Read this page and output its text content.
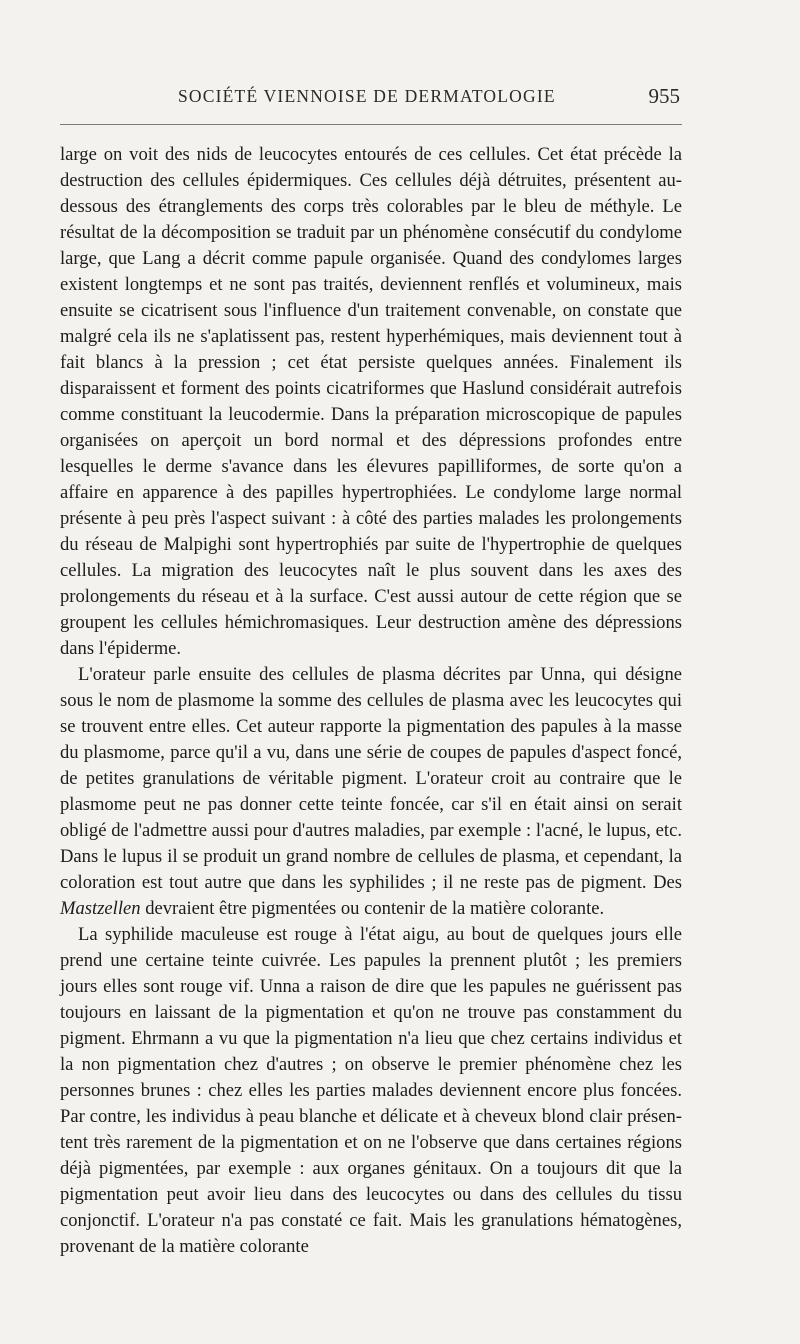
SOCIÉTÉ VIENNOISE DE DERMATOLOGIE	955

large on voit des nids de leucocytes entourés de ces cellules. Cet état précède la destruction des cellules épidermiques. Ces cellules déjà détruites, présentent au-dessous des étranglements des corps très colorables par le bleu de méthyle. Le résultat de la décomposition se traduit par un phénomène consécutif du condylome large, que Lang a décrit comme papule organisée. Quand des condylomes larges existent longtemps et ne sont pas traités, deviennent renflés et volumineux, mais ensuite se cicatrisent sous l'influence d'un traitement convenable, on constate que malgré cela ils ne s'aplatissent pas, restent hyperhémiques, mais deviennent tout à fait blancs à la pression ; cet état persiste quelques années. Finalement ils disparaissent et forment des points cicatriformes que Haslund considérait autrefois comme constituant la leucodermie. Dans la préparation microscopique de papules organisées on aperçoit un bord normal et des dépressions profondes entre lesquelles le derme s'avance dans les élevures papilliformes, de sorte qu'on a affaire en apparence à des papilles hypertrophiées. Le condylome large normal présente à peu près l'aspect suivant : à côté des parties malades les prolongements du réseau de Malpighi sont hypertrophiés par suite de l'hypertrophie de quelques cellules. La migration des leucocytes naît le plus souvent dans les axes des prolongements du réseau et à la surface. C'est aussi autour de cette région que se groupent les cellules hémichromasiques. Leur destruction amène des dépressions dans l'épiderme.

L'orateur parle ensuite des cellules de plasma décrites par Unna, qui désigne sous le nom de plasmome la somme des cellules de plasma avec les leucocytes qui se trouvent entre elles. Cet auteur rapporte la pigmentation des papules à la masse du plasmome, parce qu'il a vu, dans une série de coupes de papules d'aspect foncé, de petites granulations de véritable pigment. L'orateur croit au contraire que le plasmome peut ne pas donner cette teinte foncée, car s'il en était ainsi on serait obligé de l'admettre aussi pour d'autres maladies, par exemple : l'acné, le lupus, etc. Dans le lupus il se produit un grand nombre de cellules de plasma, et cependant, la coloration est tout autre que dans les syphilides ; il ne reste pas de pigment. Des Mastzellen devraient être pigmentées ou contenir de la matière colorante.

La syphilide maculeuse est rouge à l'état aigu, au bout de quelques jours elle prend une certaine teinte cuivrée. Les papules la prennent plutôt ; les premiers jours elles sont rouge vif. Unna a raison de dire que les papules ne guérissent pas toujours en laissant de la pigmentation et qu'on ne trouve pas constamment du pigment. Ehrmann a vu que la pigmentation n'a lieu que chez certains individus et la non pigmentation chez d'autres ; on observe le premier phénomène chez les personnes brunes : chez elles les parties malades deviennent encore plus foncées. Par contre, les individus à peau blanche et délicate et à cheveux blond clair présentent très rarement de la pigmentation et on ne l'observe que dans certaines régions déjà pigmentées, par exemple : aux organes génitaux. On a toujours dit que la pigmentation peut avoir lieu dans des leucocytes ou dans des cellules du tissu conjonctif. L'orateur n'a pas constaté ce fait. Mais les granulations hématogènes, provenant de la matière colorante
